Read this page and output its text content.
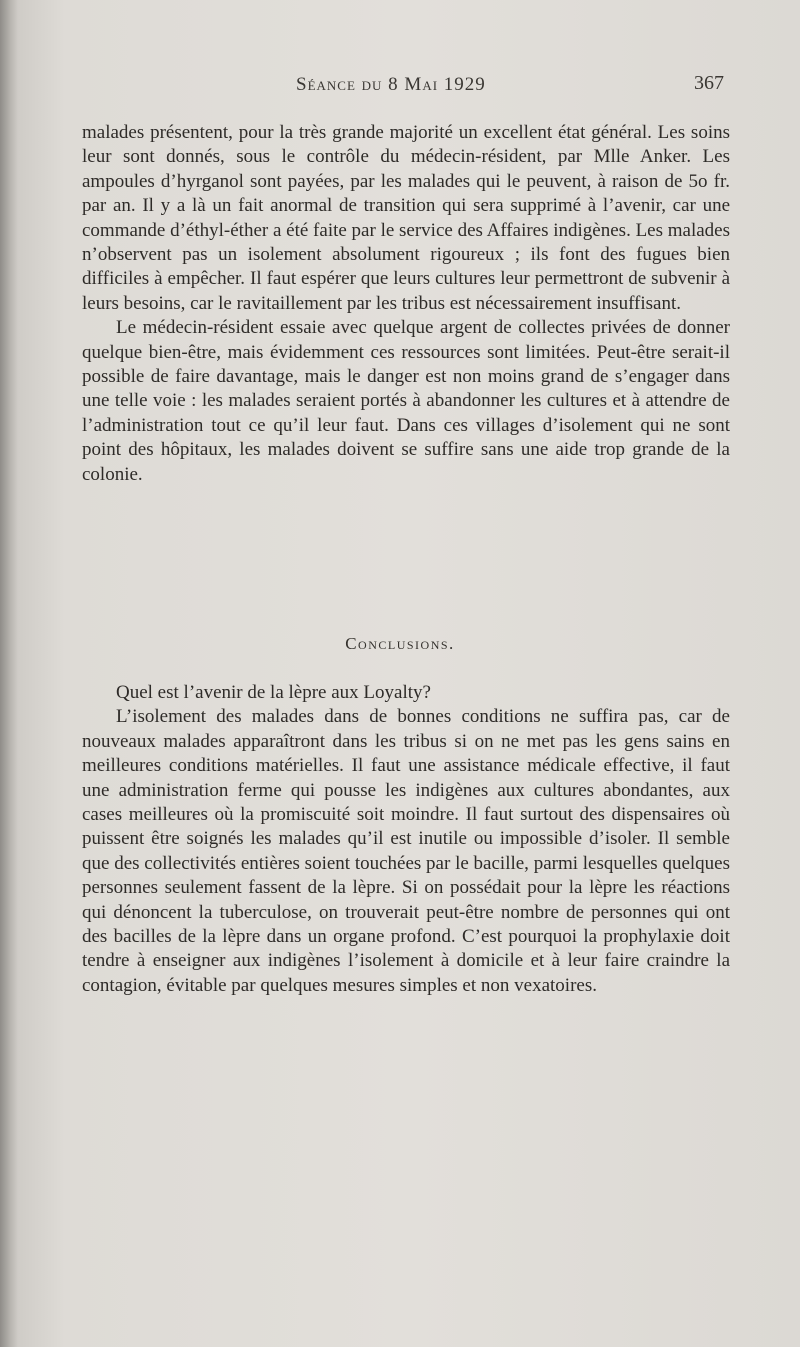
Séance du 8 Mai 1929	367

malades présentent, pour la très grande majorité un excellent état général. Les soins leur sont donnés, sous le contrôle du médecin-résident, par Mlle Anker. Les ampoules d’hyrganol sont payées, par les malades qui le peuvent, à raison de 5o fr. par an. Il y a là un fait anormal de transition qui sera supprimé à l’avenir, car une commande d’éthyl-éther a été faite par le service des Affaires indigènes. Les malades n’observent pas un isolement absolument rigoureux ; ils font des fugues bien difficiles à empêcher. Il faut espérer que leurs cultures leur permettront de subvenir à leurs besoins, car le ravitaillement par les tribus est nécessairement insuffisant.

Le médecin-résident essaie avec quelque argent de collectes privées de donner quelque bien-être, mais évidemment ces ressources sont limitées. Peut-être serait-il possible de faire davantage, mais le danger est non moins grand de s’engager dans une telle voie : les malades seraient portés à abandonner les cultures et à attendre de l’administration tout ce qu’il leur faut. Dans ces villages d’isolement qui ne sont point des hôpitaux, les malades doivent se suffire sans une aide trop grande de la colonie.

Conclusions.

Quel est l’avenir de la lèpre aux Loyalty?

L’isolement des malades dans de bonnes conditions ne suffira pas, car de nouveaux malades apparaîtront dans les tribus si on ne met pas les gens sains en meilleures conditions matérielles. Il faut une assistance médicale effective, il faut une administration ferme qui pousse les indigènes aux cultures abondantes, aux cases meilleures où la promiscuité soit moindre. Il faut surtout des dispensaires où puissent être soignés les malades qu’il est inutile ou impossible d’isoler. Il semble que des collectivités entières soient touchées par le bacille, parmi lesquelles quelques personnes seulement fassent de la lèpre. Si on possédait pour la lèpre les réactions qui dénoncent la tuberculose, on trouverait peut-être nombre de personnes qui ont des bacilles de la lèpre dans un organe profond. C’est pourquoi la prophylaxie doit tendre à enseigner aux indigènes l’isolement à domicile et à leur faire craindre la contagion, évitable par quelques mesures simples et non vexatoires.
